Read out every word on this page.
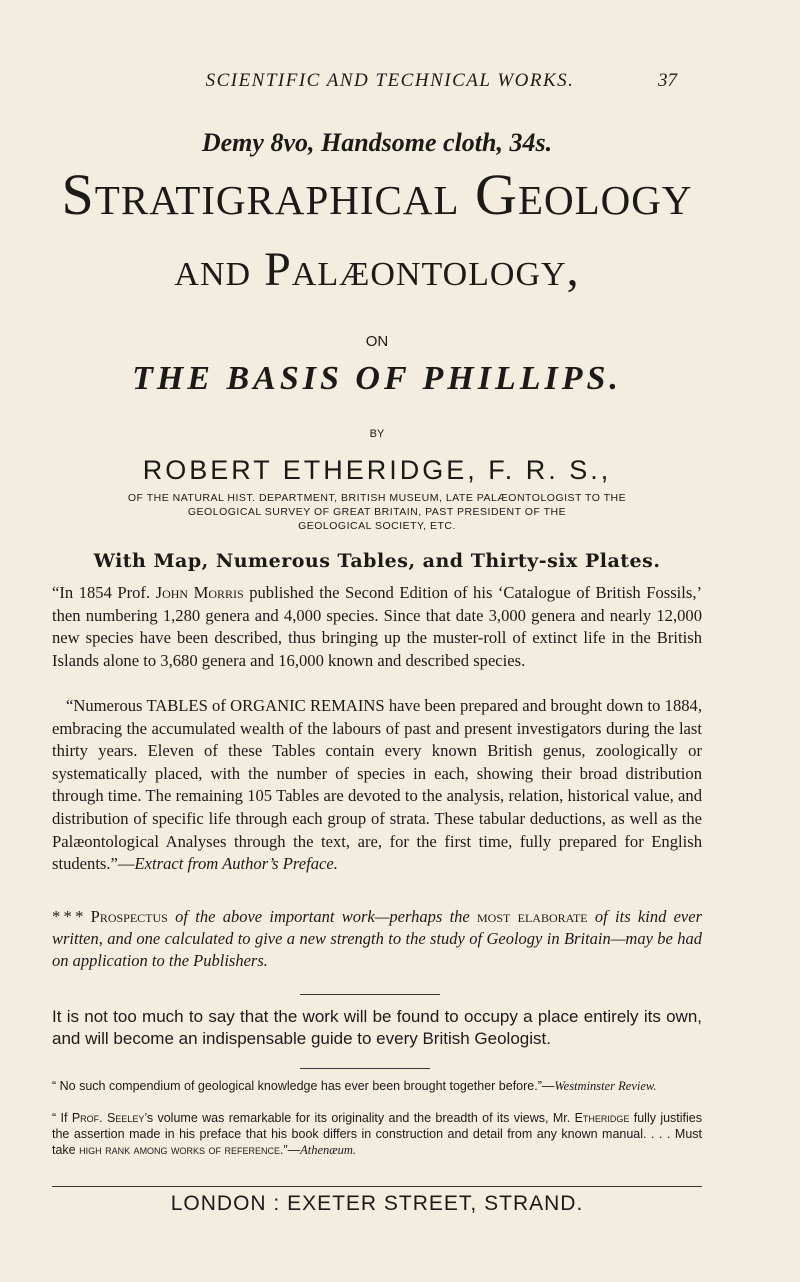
SCIENTIFIC AND TECHNICAL WORKS.	37
Demy 8vo, Handsome cloth, 34s.
Stratigraphical Geology
and Palæontology,
ON
THE BASIS OF PHILLIPS.
BY
ROBERT ETHERIDGE, F. R. S.,
OF THE NATURAL HIST. DEPARTMENT, BRITISH MUSEUM, LATE PALÆONTOLOGIST TO THE
GEOLOGICAL SURVEY OF GREAT BRITAIN, PAST PRESIDENT OF THE
GEOLOGICAL SOCIETY, ETC.
With Map, Numerous Tables, and Thirty-six Plates.

“In 1854 Prof. John Morris published the Second Edition of his ‘Catalogue of British Fossils,’ then numbering 1,280 genera and 4,000 species. Since that date 3,000 genera and nearly 12,000 new species have been described, thus bringing up the muster-roll of extinct life in the British Islands alone to 3,680 genera and 16,000 known and described species.

“Numerous TABLES of ORGANIC REMAINS have been prepared and brought down to 1884, embracing the accumulated wealth of the labours of past and present investigators during the last thirty years. Eleven of these Tables contain every known British genus, zoologically or systematically placed, with the number of species in each, showing their broad distribution through time. The remaining 105 Tables are devoted to the analysis, relation, historical value, and distribution of specific life through each group of strata. These tabular deductions, as well as the Palæontological Analyses through the text, are, for the first time, fully prepared for English students.”—Extract from Author’s Preface.

* * * Prospectus of the above important work—perhaps the most elaborate of its kind ever written, and one calculated to give a new strength to the study of Geology in Britain—may be had on application to the Publishers.

It is not too much to say that the work will be found to occupy a place entirely its own, and will become an indispensable guide to every British Geologist.

“ No such compendium of geological knowledge has ever been brought together before.”—Westminster Review.

“ If Prof. Seeley’s volume was remarkable for its originality and the breadth of its views, Mr. Etheridge fully justifies the assertion made in his preface that his book differs in construction and detail from any known manual. . . . Must take high rank among works of reference.”—Athenæum.

LONDON : EXETER STREET, STRAND.
